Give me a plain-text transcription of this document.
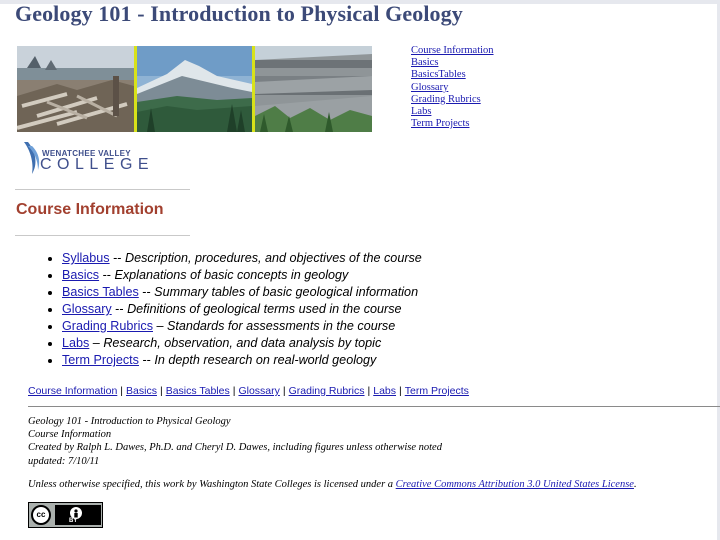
Geology 101 - Introduction to Physical Geology
Course Information
Basics
BasicsTables
Glossary
Grading Rubrics
Labs
Term Projects
WENATCHEE VALLEY
COLLEGE
Course Information
• Syllabus -- Description, procedures, and objectives of the course
• Basics -- Explanations of basic concepts in geology
• Basics Tables -- Summary tables of basic geological information
• Glossary -- Definitions of geological terms used in the course
• Grading Rubrics – Standards for assessments in the course
• Labs – Research, observation, and data analysis by topic
• Term Projects -- In depth research on real-world geology
Course Information | Basics | Basics Tables | Glossary | Grading Rubrics | Labs | Term Projects
Geology 101 - Introduction to Physical Geology
Course Information
Created by Ralph L. Dawes, Ph.D. and Cheryl D. Dawes, including figures unless otherwise noted
updated: 7/10/11
Unless otherwise specified, this work by Washington State Colleges is licensed under a Creative Commons Attribution 3.0 United States License.
cc
BY
